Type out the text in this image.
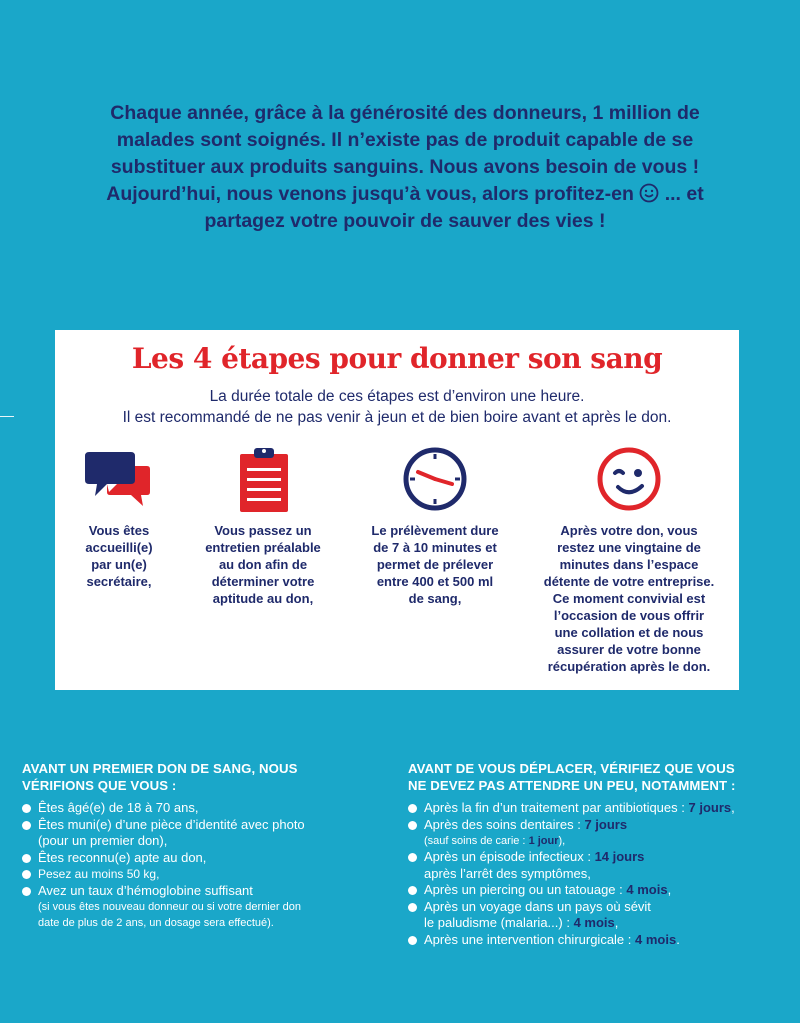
Chaque année, grâce à la générosité des donneurs, 1 million de
malades sont soignés. Il n’existe pas de produit capable de se
substituer aux produits sanguins. Nous avons besoin de vous !
Aujourd’hui, nous venons jusqu’à vous, alors profitez-en ... et
partagez votre pouvoir de sauver des vies !
Les 4 étapes pour donner son sang
La durée totale de ces étapes est d’environ une heure.
Il est recommandé de ne pas venir à jeun et de bien boire avant et après le don.
Vous êtes
accueilli(e)
par un(e)
secrétaire,
Vous passez un
entretien préalable
au don afin de
déterminer votre
aptitude au don,
Le prélèvement dure
de 7 à 10 minutes et
permet de prélever
entre 400 et 500 ml
de sang,
Après votre don, vous
restez une vingtaine de
minutes dans l’espace
détente de votre entreprise.
Ce moment convivial est
l’occasion de vous offrir
une collation et de nous
assurer de votre bonne
récupération après le don.
AVANT UN PREMIER DON DE SANG, NOUS
VÉRIFIONS QUE VOUS :
Êtes âgé(e) de 18 à 70 ans,
Êtes muni(e) d’une pièce d’identité avec photo
(pour un premier don),
Êtes reconnu(e) apte au don,
Pesez au moins 50 kg,
Avez un taux d’hémoglobine suffisant
(si vous êtes nouveau donneur ou si votre dernier don
date de plus de 2 ans, un dosage sera effectué).
AVANT DE VOUS DÉPLACER, VÉRIFIEZ QUE VOUS
NE DEVEZ PAS ATTENDRE UN PEU, NOTAMMENT :
Après la fin d’un traitement par antibiotiques : 7 jours,
Après des soins dentaires : 7 jours
(sauf soins de carie : 1 jour),
Après un épisode infectieux : 14 jours
après l’arrêt des symptômes,
Après un piercing ou un tatouage : 4 mois,
Après un voyage dans un pays où sévit
le paludisme (malaria...) : 4 mois,
Après une intervention chirurgicale : 4 mois.
